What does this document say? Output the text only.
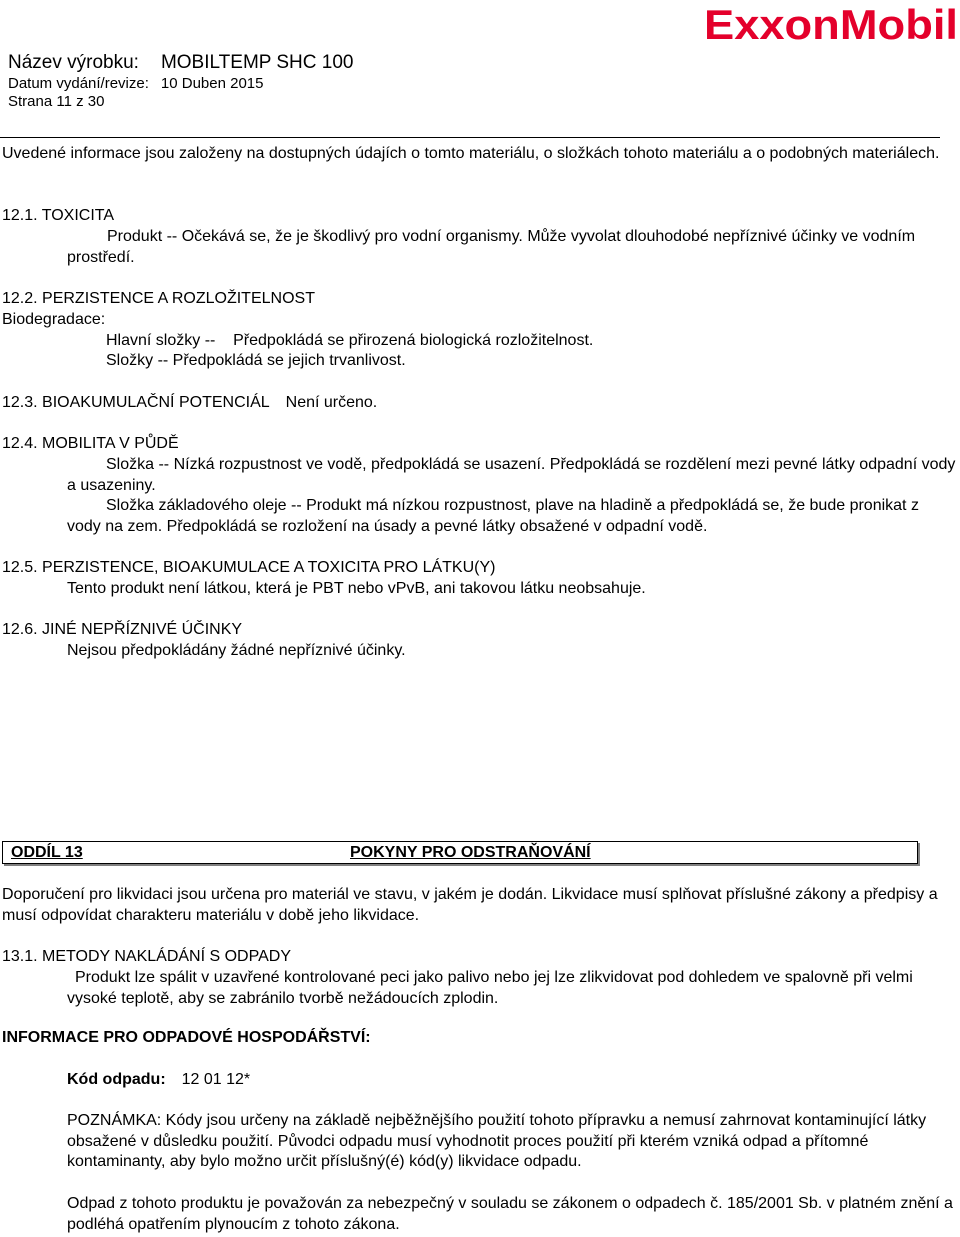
Název výrobku: MOBILTEMP SHC 100
Datum vydání/revize: 10 Duben 2015
Strana 11 z 30
ExxonMobil

Uvedené informace jsou založeny na dostupných údajích o tomto materiálu, o složkách tohoto materiálu a o podobných materiálech.

12.1. TOXICITA

Produkt -- Očekává se, že je škodlivý pro vodní organismy. Může vyvolat dlouhodobé nepříznivé účinky ve vodním prostředí.

12.2. PERZISTENCE A ROZLOŽITELNOST

Biodegradace:

Hlavní složky --    Předpokládá se přirozená biologická rozložitelnost.

Složky -- Předpokládá se jejich trvanlivost.

12.3. BIOAKUMULAČNÍ POTENCIÁL Není určeno.

12.4. MOBILITA V PŮDĚ

Složka -- Nízká rozpustnost ve vodě, předpokládá se usazení. Předpokládá se rozdělení mezi pevné látky odpadní vody a usazeniny.

Složka základového oleje -- Produkt má nízkou rozpustnost, plave na hladině a předpokládá se, že bude pronikat z vody na zem. Předpokládá se rozložení na úsady a pevné látky obsažené v odpadní vodě.

12.5. PERZISTENCE, BIOAKUMULACE A TOXICITA PRO LÁTKU(Y)

Tento produkt není látkou, která je PBT nebo vPvB, ani takovou látku neobsahuje.

12.6. JINÉ NEPŘÍZNIVÉ ÚČINKY

Nejsou předpokládány žádné nepříznivé účinky.

ODDÍL 13	POKYNY PRO ODSTRAŇOVÁNÍ

Doporučení pro likvidaci jsou určena pro materiál ve stavu, v jakém je dodán. Likvidace musí splňovat příslušné zákony a předpisy a musí odpovídat charakteru materiálu v době jeho likvidace.

13.1. METODY NAKLÁDÁNÍ S ODPADY

Produkt lze spálit v uzavřené kontrolované peci jako palivo nebo jej lze zlikvidovat pod dohledem ve spalovně při velmi vysoké teplotě, aby se zabránilo tvorbě nežádoucích zplodin.

INFORMACE PRO ODPADOVÉ HOSPODÁŘSTVÍ:

Kód odpadu: 12 01 12*

POZNÁMKA: Kódy jsou určeny na základě nejběžnějšího použití tohoto přípravku a nemusí zahrnovat kontaminující látky obsažené v důsledku použití. Původci odpadu musí vyhodnotit proces použití při kterém vzniká odpad a přítomné kontaminanty, aby bylo možno určit příslušný(é) kód(y) likvidace odpadu.

Odpad z tohoto produktu je považován za nebezpečný v souladu se zákonem o odpadech č. 185/2001 Sb. v platném znění a podléhá opatřením plynoucím z tohoto zákona.
